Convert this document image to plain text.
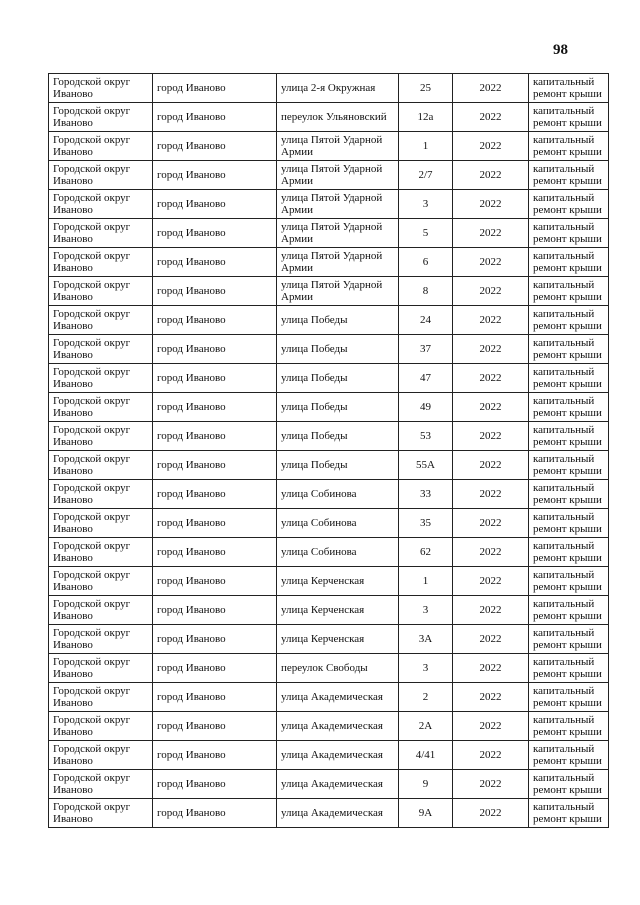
98
Городской округ Иваново	город Иваново	улица 2-я Окружная	25	2022	капитальный ремонт крыши
Городской округ Иваново	город Иваново	переулок Ульяновский	12а	2022	капитальный ремонт крыши
Городской округ Иваново	город Иваново	улица Пятой Ударной Армии	1	2022	капитальный ремонт крыши
Городской округ Иваново	город Иваново	улица Пятой Ударной Армии	2/7	2022	капитальный ремонт крыши
Городской округ Иваново	город Иваново	улица Пятой Ударной Армии	3	2022	капитальный ремонт крыши
Городской округ Иваново	город Иваново	улица Пятой Ударной Армии	5	2022	капитальный ремонт крыши
Городской округ Иваново	город Иваново	улица Пятой Ударной Армии	6	2022	капитальный ремонт крыши
Городской округ Иваново	город Иваново	улица Пятой Ударной Армии	8	2022	капитальный ремонт крыши
Городской округ Иваново	город Иваново	улица Победы	24	2022	капитальный ремонт крыши
Городской округ Иваново	город Иваново	улица Победы	37	2022	капитальный ремонт крыши
Городской округ Иваново	город Иваново	улица Победы	47	2022	капитальный ремонт крыши
Городской округ Иваново	город Иваново	улица Победы	49	2022	капитальный ремонт крыши
Городской округ Иваново	город Иваново	улица Победы	53	2022	капитальный ремонт крыши
Городской округ Иваново	город Иваново	улица Победы	55А	2022	капитальный ремонт крыши
Городской округ Иваново	город Иваново	улица Собинова	33	2022	капитальный ремонт крыши
Городской округ Иваново	город Иваново	улица Собинова	35	2022	капитальный ремонт крыши
Городской округ Иваново	город Иваново	улица Собинова	62	2022	капитальный ремонт крыши
Городской округ Иваново	город Иваново	улица Керченская	1	2022	капитальный ремонт крыши
Городской округ Иваново	город Иваново	улица Керченская	3	2022	капитальный ремонт крыши
Городской округ Иваново	город Иваново	улица Керченская	3А	2022	капитальный ремонт крыши
Городской округ Иваново	город Иваново	переулок Свободы	3	2022	капитальный ремонт крыши
Городской округ Иваново	город Иваново	улица Академическая	2	2022	капитальный ремонт крыши
Городской округ Иваново	город Иваново	улица Академическая	2А	2022	капитальный ремонт крыши
Городской округ Иваново	город Иваново	улица Академическая	4/41	2022	капитальный ремонт крыши
Городской округ Иваново	город Иваново	улица Академическая	9	2022	капитальный ремонт крыши
Городской округ Иваново	город Иваново	улица Академическая	9А	2022	капитальный ремонт крыши
